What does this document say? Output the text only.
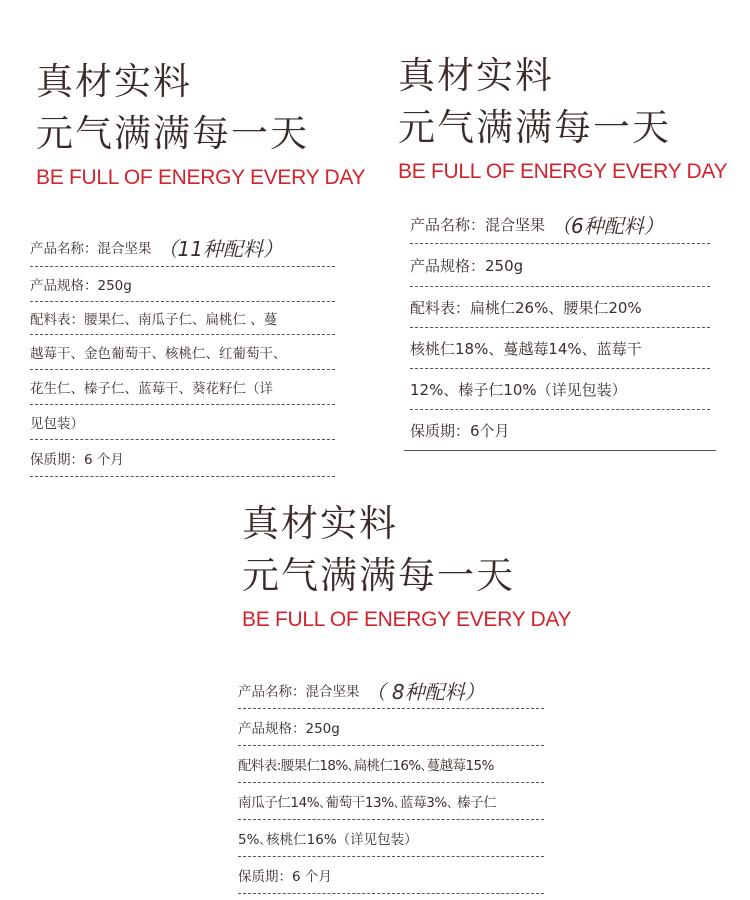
真材实料
元气满满每一天
BE FULL OF ENERGY EVERY DAY
真材实料
元气满满每一天
BE FULL OF ENERGY EVERY DAY
真材实料
元气满满每一天
BE FULL OF ENERGY EVERY DAY
产品名称：混合坚果 （11种配料）
产品规格：250g
配料表：腰果仁、南瓜子仁、扁桃仁 、蔓
越莓干、金色葡萄干、核桃仁、红葡萄干、
花生仁、榛子仁、蓝莓干、葵花籽仁（详
见包装）
保质期：6 个月
产品名称：混合坚果 （6种配料）
产品规格：250g
配料表：扁桃仁26%、腰果仁20%
核桃仁18%、蔓越莓14%、蓝莓干
12%、榛子仁10%（详见包装）
保质期：6个月
产品名称：混合坚果 （ 8种配料）
产品规格：250g
配料表:腰果仁18%､扁桃仁16%､蔓越莓15%
南瓜子仁14%､葡萄干13%､蓝莓3%､ 榛子仁
5%､核桃仁16%（详见包装）
保质期：6 个月
